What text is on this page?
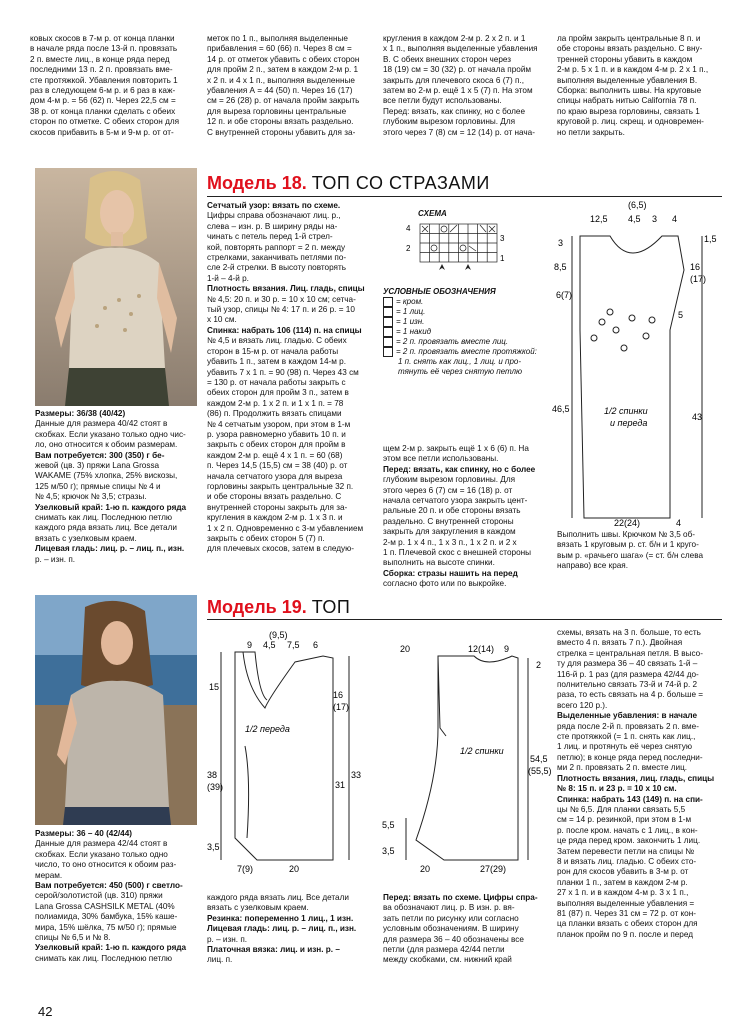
ковых скосов в 7-м р. от конца планки

в начале ряда после 13-й п. провязать

2 п. вместе лиц., в конце ряда перед

последними 13 п. 2 п. провязать вме-

сте протяжкой. Убавления повторить 1

раз в следующем 6-м р. и 6 раз в каж-

дом 4-м р. = 56 (62) п. Через 22,5 см =

38 р. от конца планки сделать с обеих

сторон по отметке. С обеих сторон для

скосов прибавить в 5-м и 9-м р. от от-

меток по 1 п., выполняя выделенные

прибавления = 60 (66) п. Через 8 см =

14 р. от отметок убавить с обеих сторон

для пройм 2 п., затем в каждом 2-м р. 1

х 2 п. и 4 х 1 п., выполняя выделенные

убавления А = 44 (50) п. Через 16 (17)

см = 26 (28) р. от начала пройм закрыть

для выреза горловины центральные

12 п. и обе стороны вязать раздельно.

С внутренней стороны убавить для за-

кругления в каждом 2-м р. 2 х 2 п. и 1

х 1 п., выполняя выделенные убавления

В. С обеих внешних сторон через

18 (19) см = 30 (32) р. от начала пройм

закрыть для плечевого скоса 6 (7) п.,

затем во 2-м р. ещё 1 х 5 (7) п. На этом

все петли будут использованы.

Перед: вязать, как спинку, но с более

глубоким вырезом горловины. Для

этого через 7 (8) см = 12 (14) р. от нача-

ла пройм закрыть центральные 8 п. и

обе стороны вязать раздельно. С вну-

тренней стороны убавить в каждом

2-м р. 5 х 1 п. и в каждом 4-м р. 2 х 1 п.,

выполняя выделенные убавления В.

Сборка: выполнить швы. На круговые

спицы набрать нитью California 78 п.

по краю выреза горловины, связать 1

круговой р. лиц. скрещ. и одновремен-

но петли закрыть.

Модель 18. ТОП СО СТРАЗАМИ

Размеры: 36/38 (40/42)

Данные для размера 40/42 стоят в

скобках. Если указано только одно чис-

ло, оно относится к обоим размерам.

Вам потребуется: 300 (350) г бе-

жевой (цв. 3) пряжи Lana Grossa

WAKAME (75% хлопка, 25% вискозы,

125 м/50 г); прямые спицы № 4 и

№ 4,5; крючок № 3,5; стразы.

Узелковый край: 1-ю п. каждого ряда

снимать как лиц. Последнюю петлю

каждого ряда вязать лиц. Все детали

вязать с узелковым краем.

Лицевая гладь: лиц. р. – лиц. п., изн.

р. – изн. п.

Сетчатый узор: вязать по схеме.

Цифры справа обозначают лиц. р.,

слева – изн. р. В ширину ряды на-

чинать с петель перед 1-й стрел-

кой, повторять раппорт = 2 п. между

стрелками, заканчивать петлями по-

сле 2-й стрелки. В высоту повторять

1-й – 4-й р.

Плотность вязания. Лиц. гладь, спицы

№ 4,5: 20 п. и 30 р. = 10 х 10 см; сетча-

тый узор, спицы № 4: 17 п. и 26 р. = 10

х 10 см.

Спинка: набрать 106 (114) п. на спицы

№ 4,5 и вязать лиц. гладью. С обеих

сторон в 15-м р. от начала работы

убавить 1 п., затем в каждом 14-м р.

убавить 7 х 1 п. = 90 (98) п. Через 43 см

= 130 р. от начала работы закрыть с

обеих сторон для пройм 3 п., затем в

каждом 2-м р. 1 х 2 п. и 1 х 1 п. = 78

(86) п. Продолжить вязать спицами

№ 4 сетчатым узором, при этом в 1-м

р. узора равномерно убавить 10 п. и

закрыть с обеих сторон для пройм в

каждом 2-м р. ещё 4 х 1 п. = 60 (68)

п. Через 14,5 (15,5) см = 38 (40) р. от

начала сетчатого узора для выреза

горловины закрыть центральные 32 п.

и обе стороны вязать раздельно. С

внутренней стороны закрыть для за-

кругления в каждом 2-м р. 1 х 3 п. и

1 х 2 п. Одновременно с 3-м убавлением

закрыть с обеих сторон 5 (7) п.

для плечевых скосов, затем в следую-

щем 2-м р. закрыть ещё 1 х 6 (6) п. На

этом все петли использованы.

Перед: вязать, как спинку, но с более

глубоким вырезом горловины. Для

этого через 6 (7) см = 16 (18) р. от

начала сетчатого узора закрыть цент-

ральные 20 п. и обе стороны вязать

раздельно. С внутренней стороны

закрыть для закругления в каждом

2-м р. 1 х 4 п., 1 х 3 п., 1 х 2 п. и 2 х

1 п. Плечевой скос с внешней стороны

выполнить на высоте спинки.

Сборка: стразы нашить на перед

согласно фото или по выкройке.

Выполнить швы. Крючком № 3,5 об-

вязать 1 круговым р. ст. б/н и 1 круго-

вым р. «рачьего шага» (= ст. б/н слева

направо) все края.

СХЕМА
4
2
3
1
УСЛОВНЫЕ ОБОЗНАЧЕНИЯ
= кром.
= 1 лиц.
= 1 изн.
= 1 накид
= 2 п. провязать вместе лиц.
= 2 п. провязать вместе протяжкой:
1 п. снять как лиц., 1 лиц. и про-
тянуть её через снятую петлю
12,5
(6,5)
4,5 3 4
3
8,5
6(7)
46,5
1,5
16
(17)
5
43
1/2 спинки
и переда
22(24)	4
Модель 19. ТОП

Размеры: 36 – 40 (42/44)

Данные для размера 42/44 стоят в

скобках. Если указано только одно

число, то оно относится к обоим раз-

мерам.

Вам потребуется: 450 (500) г светло-

серой/золотистой (цв. 310) пряжи

Lana Grossa CASHSILK METAL (40%

полиамида, 30% бамбука, 15% каше-

мира, 15% шёлка, 75 м/50 г); прямые

спицы № 6,5 и № 8.

Узелковый край: 1-ю п. каждого ряда

снимать как лиц. Последнюю петлю

каждого ряда вязать лиц. Все детали

вязать с узелковым краем.

Резинка: попеременно 1 лиц., 1 изн.

Лицевая гладь: лиц. р. – лиц. п., изн.

р. – изн. п.

Платочная вязка: лиц. и изн. р. –

лиц. п.

Перед: вязать по схеме. Цифры спра-

ва обозначают лиц. р. В изн. р. вя-

зать петли по рисунку или согласно

условным обозначениям. В ширину

для размера 36 – 40 обозначены все

петли (для размера 42/44 петли

между скобками, см. нижний край

схемы, вязать на 3 п. больше, то есть

вместо 4 п. вязать 7 п.). Двойная

стрелка = центральная петля. В высо-

ту для размера 36 – 40 связать 1-й –

116-й р. 1 раз (для размера 42/44 до-

полнительно связать 73-й и 74-й р. 2

раза, то есть связать на 4 р. больше =

всего 120 р.).

Выделенные убавления: в начале

ряда после 2-й п. провязать 2 п. вме-

сте протяжкой (= 1 п. снять как лиц.,

1 лиц. и протянуть её через снятую

петлю); в конце ряда перед последни-

ми 2 п. провязать 2 п. вместе лиц.

Плотность вязания, лиц. гладь, спицы

№ 8: 15 п. и 23 р. = 10 х 10 см.

Спинка: набрать 143 (149) п. на спи-

цы № 6,5. Для планки связать 5,5

см = 14 р. резинкой, при этом в 1-м

р. после кром. начать с 1 лиц., в кон-

це ряда перед кром. закончить 1 лиц.

Затем перевести петли на спицы №

8 и вязать лиц. гладью. С обеих сто-

рон для скосов убавить в 3-м р. от

планки 1 п., затем в каждом 2-м р.

27 х 1 п. и в каждом 4-м р. 3 х 1 п.,

выполняя выделенные убавления =

81 (87) п. Через 31 см = 72 р. от кон-

ца планки вязать с обеих сторон для

планок пройм по 9 п. после и перед

(9,5)
9 4,5 7,5 6
15
38
(39)
3,5
16
(17)
33
31
1/2 переда
7(9)	20
20	12(14) 9
3,5
5,5
2
54,5
(55,5)
1/2 спинки
20	27(29)
42
